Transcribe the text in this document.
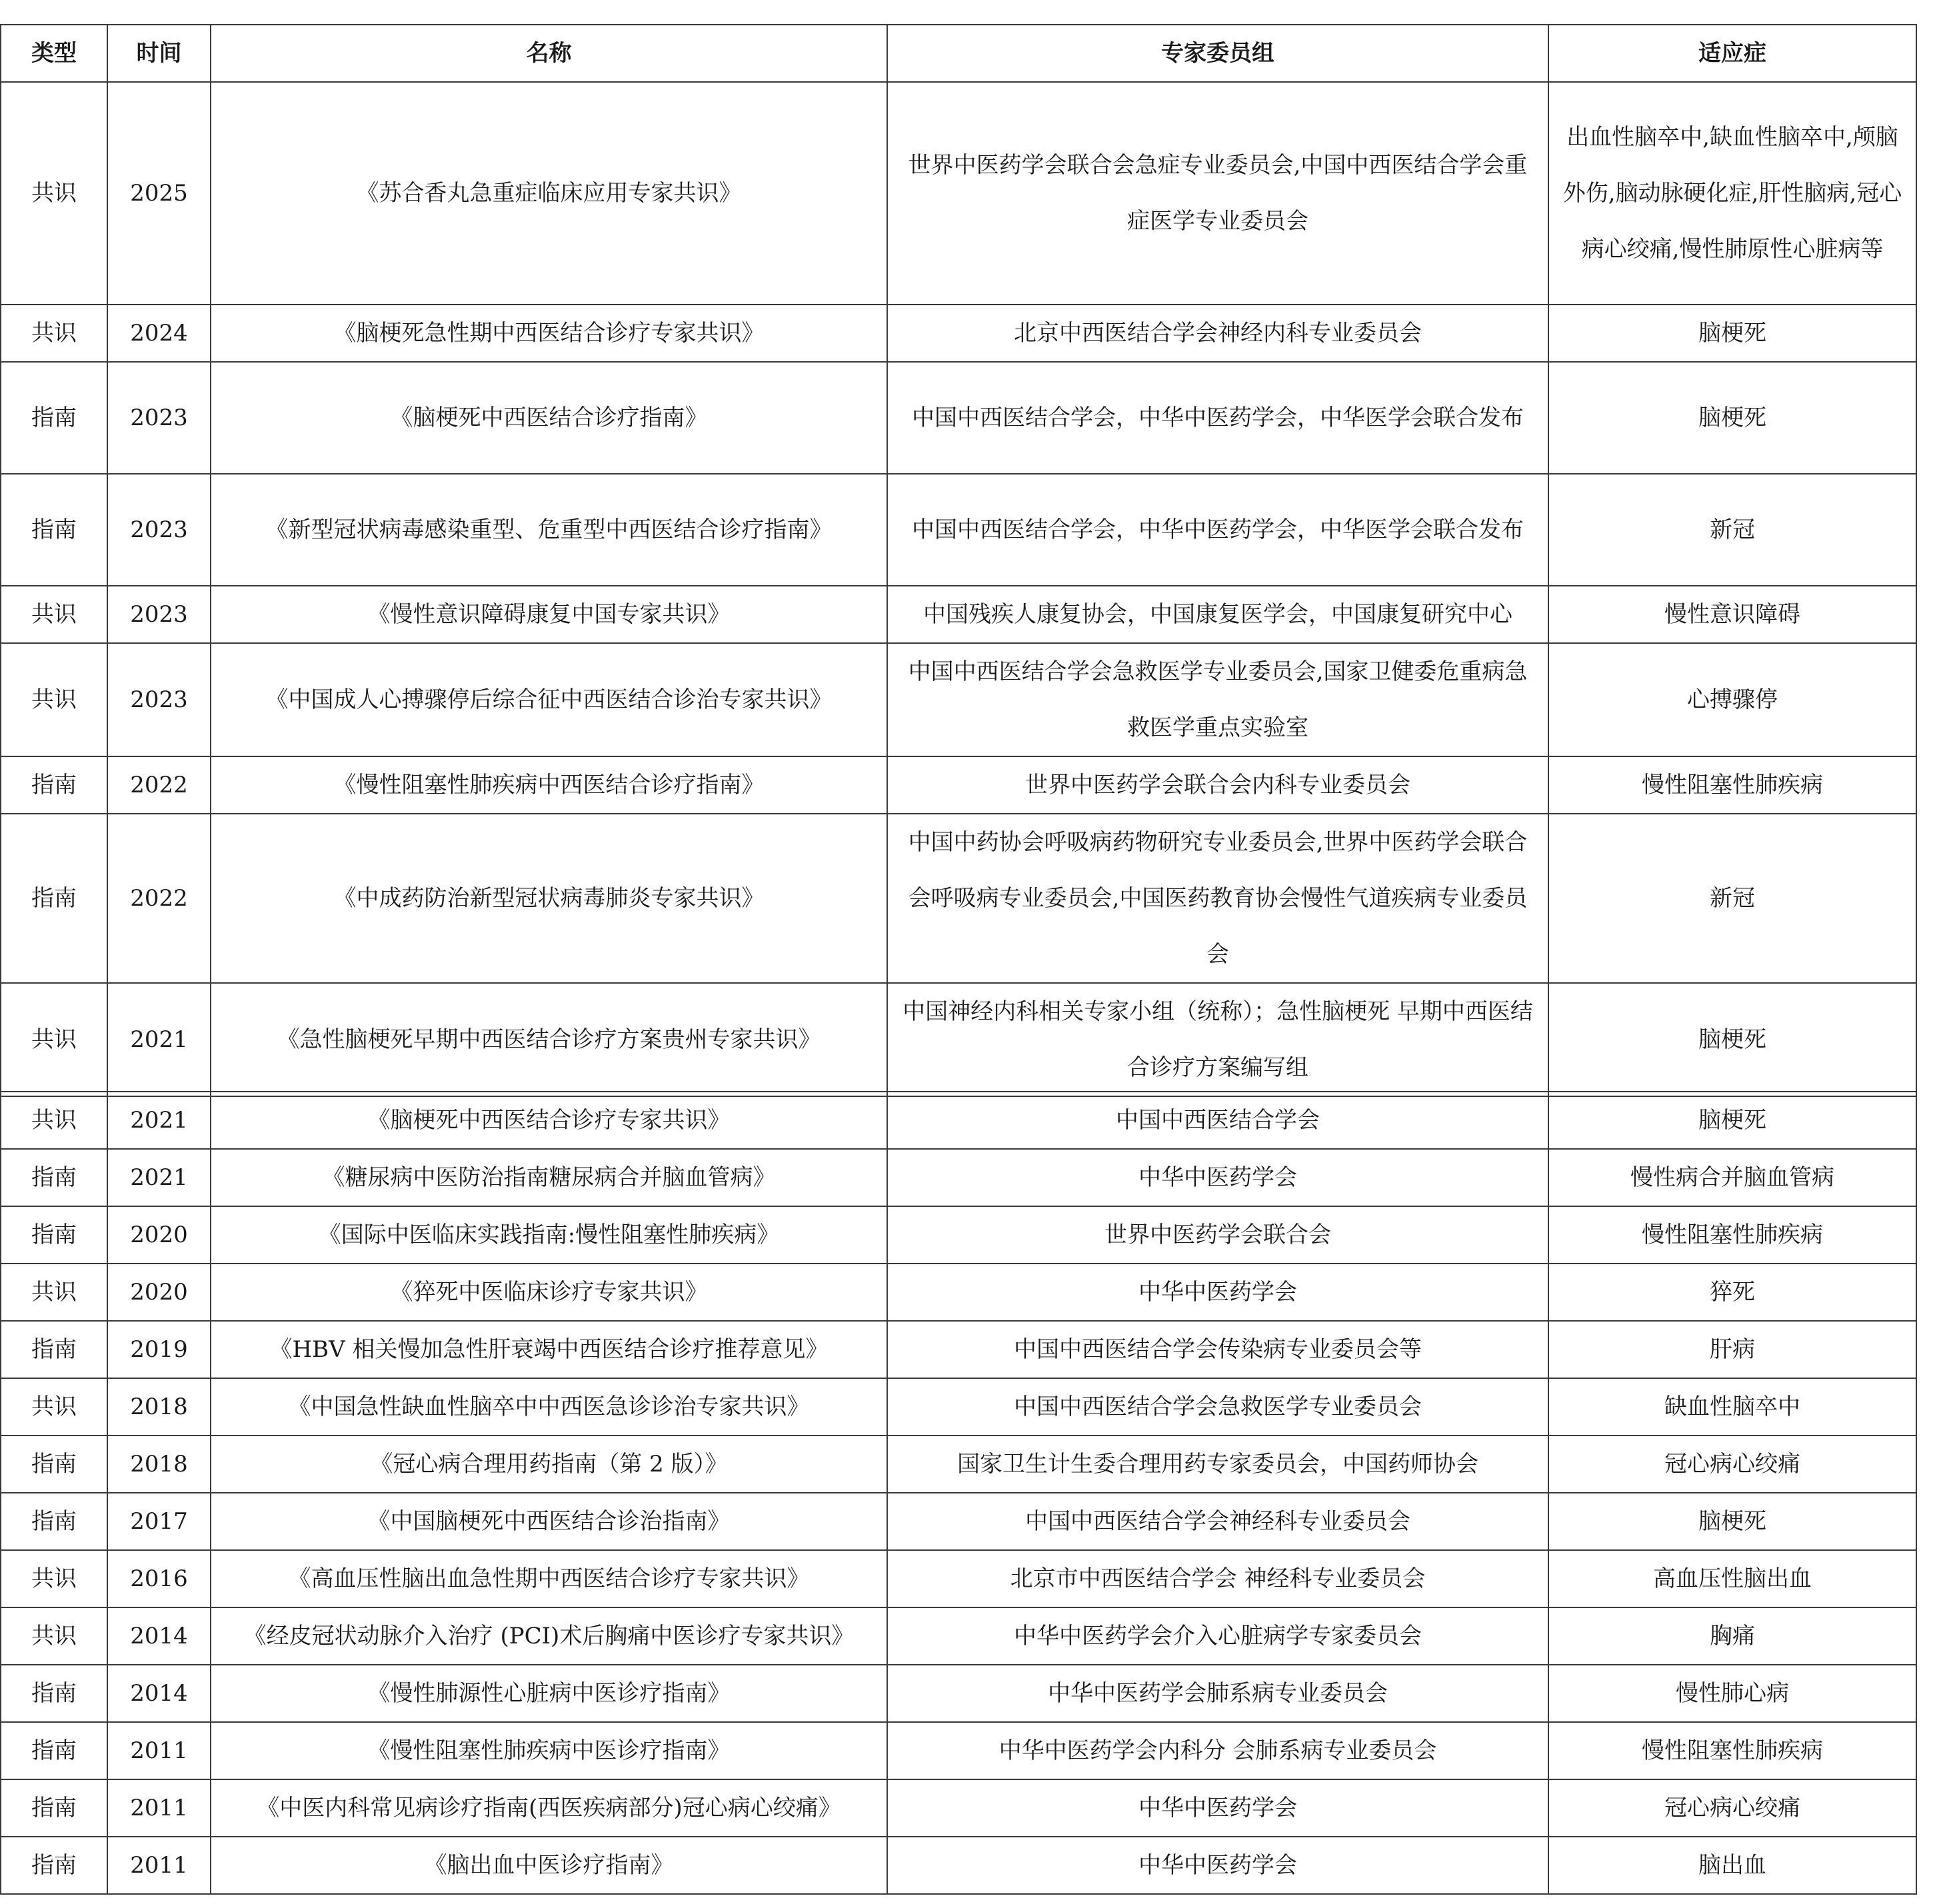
类型	时间	名称	专家委员组	适应症
共识	2025	《苏合香丸急重症临床应用专家共识》	世界中医药学会联合会急症专业委员会,中国中西医结合学会重症医学专业委员会	出血性脑卒中,缺血性脑卒中,颅脑外伤,脑动脉硬化症,肝性脑病,冠心病心绞痛,慢性肺原性心脏病等
共识	2024	《脑梗死急性期中西医结合诊疗专家共识》	北京中西医结合学会神经内科专业委员会	脑梗死
指南	2023	《脑梗死中西医结合诊疗指南》	中国中西医结合学会，中华中医药学会，中华医学会联合发布	脑梗死
指南	2023	《新型冠状病毒感染重型、危重型中西医结合诊疗指南》	中国中西医结合学会，中华中医药学会，中华医学会联合发布	新冠
共识	2023	《慢性意识障碍康复中国专家共识》	中国残疾人康复协会，中国康复医学会，中国康复研究中心	慢性意识障碍
共识	2023	《中国成人心搏骤停后综合征中西医结合诊治专家共识》	中国中西医结合学会急救医学专业委员会,国家卫健委危重病急救医学重点实验室	心搏骤停
指南	2022	《慢性阻塞性肺疾病中西医结合诊疗指南》	世界中医药学会联合会内科专业委员会	慢性阻塞性肺疾病
指南	2022	《中成药防治新型冠状病毒肺炎专家共识》	中国中药协会呼吸病药物研究专业委员会,世界中医药学会联合会呼吸病专业委员会,中国医药教育协会慢性气道疾病专业委员会	新冠
共识	2021	《急性脑梗死早期中西医结合诊疗方案贵州专家共识》	中国神经内科相关专家小组（统称）；急性脑梗死 早期中西医结合诊疗方案编写组	脑梗死
共识	2021	《脑梗死中西医结合诊疗专家共识》	中国中西医结合学会	脑梗死
指南	2021	《糖尿病中医防治指南糖尿病合并脑血管病》	中华中医药学会	慢性病合并脑血管病
指南	2020	《国际中医临床实践指南:慢性阻塞性肺疾病》	世界中医药学会联合会	慢性阻塞性肺疾病
共识	2020	《猝死中医临床诊疗专家共识》	中华中医药学会	猝死
指南	2019	《HBV 相关慢加急性肝衰竭中西医结合诊疗推荐意见》	中国中西医结合学会传染病专业委员会等	肝病
共识	2018	《中国急性缺血性脑卒中中西医急诊诊治专家共识》	中国中西医结合学会急救医学专业委员会	缺血性脑卒中
指南	2018	《冠心病合理用药指南（第 2 版）》	国家卫生计生委合理用药专家委员会，中国药师协会	冠心病心绞痛
指南	2017	《中国脑梗死中西医结合诊治指南》	中国中西医结合学会神经科专业委员会	脑梗死
共识	2016	《高血压性脑出血急性期中西医结合诊疗专家共识》	北京市中西医结合学会 神经科专业委员会	高血压性脑出血
共识	2014	《经皮冠状动脉介入治疗 (PCI)术后胸痛中医诊疗专家共识》	中华中医药学会介入心脏病学专家委员会	胸痛
指南	2014	《慢性肺源性心脏病中医诊疗指南》	中华中医药学会肺系病专业委员会	慢性肺心病
指南	2011	《慢性阻塞性肺疾病中医诊疗指南》	中华中医药学会内科分 会肺系病专业委员会	慢性阻塞性肺疾病
指南	2011	《中医内科常见病诊疗指南(西医疾病部分)冠心病心绞痛》	中华中医药学会	冠心病心绞痛
指南	2011	《脑出血中医诊疗指南》	中华中医药学会	脑出血
